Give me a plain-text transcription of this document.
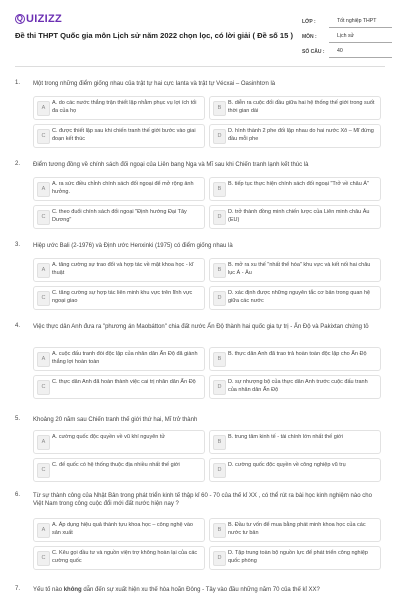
Q UIZIZZ
Đề thi THPT Quốc gia môn Lịch sử năm 2022 chọn lọc, có lời giải ( Đề số 15 )
LỚP :	Tốt nghiệp THPT
MÔN :	Lịch sử
SỐ CÂU :	40
1. Một trong những điểm giống nhau của trật tự hai cực Ianta và trật tự Vécxai – Oasinhtơn là
A
A. do các nước thắng trận thiết lập nhằm phục vụ lợi ích tối đa của họ	B
B. diễn ra cuộc đối đầu giữa hai hệ thống thế giới trong suốt thời gian dài
C
C. được thiết lập sau khi chiến tranh thế giới bước vào giai đoạn kết thúc	D
D. hình thành 2 phe đối lập nhau do hai nước Xô – Mĩ đứng đầu mỗi phe
2. Điểm tương đồng về chính sách đối ngoại của Liên bang Nga và Mĩ sau khi Chiến tranh lạnh kết thúc là
A
A. ra sức điều chỉnh chính sách đối ngoại để mở rộng ảnh hưởng.	B
B. tiếp tục thực hiện chính sách đối ngoại "Trở về châu Á"
C
C. theo đuổi chính sách đối ngoại "Định hướng Đại Tây Dương"	D
D. trở thành đồng minh chiến lược của Liên minh châu Âu (EU)
3. Hiệp ước Bali (2-1976) và Định ước Henxinki (1975) có điểm giống nhau là
A
A. tăng cường sự trao đổi và hợp tác về mặt khoa học - kĩ thuật	B
B. mở ra xu thế "nhất thể hóa" khu vực và kết nối hai châu lục Á - Âu
C
C. tăng cường sự hợp tác liên minh khu vực trên lĩnh vực ngoại giao	D
D. xác định được những nguyên tắc cơ bản trong quan hệ giữa các nước
4. Việc thực dân Anh đưa ra "phương án Maobátton" chia đất nước Ấn Độ thành hai quốc gia tự trị - Ấn Độ và Pakixtan chứng tỏ
A
A. cuộc đấu tranh đòi độc lập của nhân dân Ấn Độ đã giành thắng lợi hoàn toàn	B
B. thực dân Anh đã trao trả hoàn toàn độc lập cho Ấn Độ
C
C. thực dân Anh đã hoàn thành việc cai trị nhân dân Ấn Độ
D
D. sự nhượng bộ của thực dân Anh trước cuộc đấu tranh của nhân dân Ấn Độ
5. Khoảng 20 năm sau Chiến tranh thế giới thứ hai, Mĩ trở thành
A
A. cường quốc độc quyền về vũ khí nguyên tử
B
B. trung tâm kinh tế - tài chính lớn nhất thế giới
C
C. đế quốc có hệ thống thuộc địa nhiều nhất thế giới
D
D. cường quốc độc quyền về công nghiệp vũ trụ
6. Từ sự thành công của Nhật Bản trong phát triển kinh tế thập kỉ 60 - 70 của thế kỉ XX , có thể rút ra bài học kinh nghiệm nào cho Việt Nam trong công cuộc đổi mới đất nước hiện nay ?
A
A. Áp dụng hiệu quả thành tựu khoa học – công nghệ vào sản xuất	B
B. Đầu tư vốn để mua bằng phát minh khoa học của các nước tư bản
C
C. Kêu gọi đầu tư và nguồn viện trợ không hoàn lại của các cường quốc	D
D. Tập trung toàn bộ nguồn lực để phát triển công nghiệp quốc phòng
7. Yếu tố nào không dẫn đến sự xuất hiện xu thế hòa hoãn Đông - Tây vào đầu những năm 70 của thế kỉ XX?
